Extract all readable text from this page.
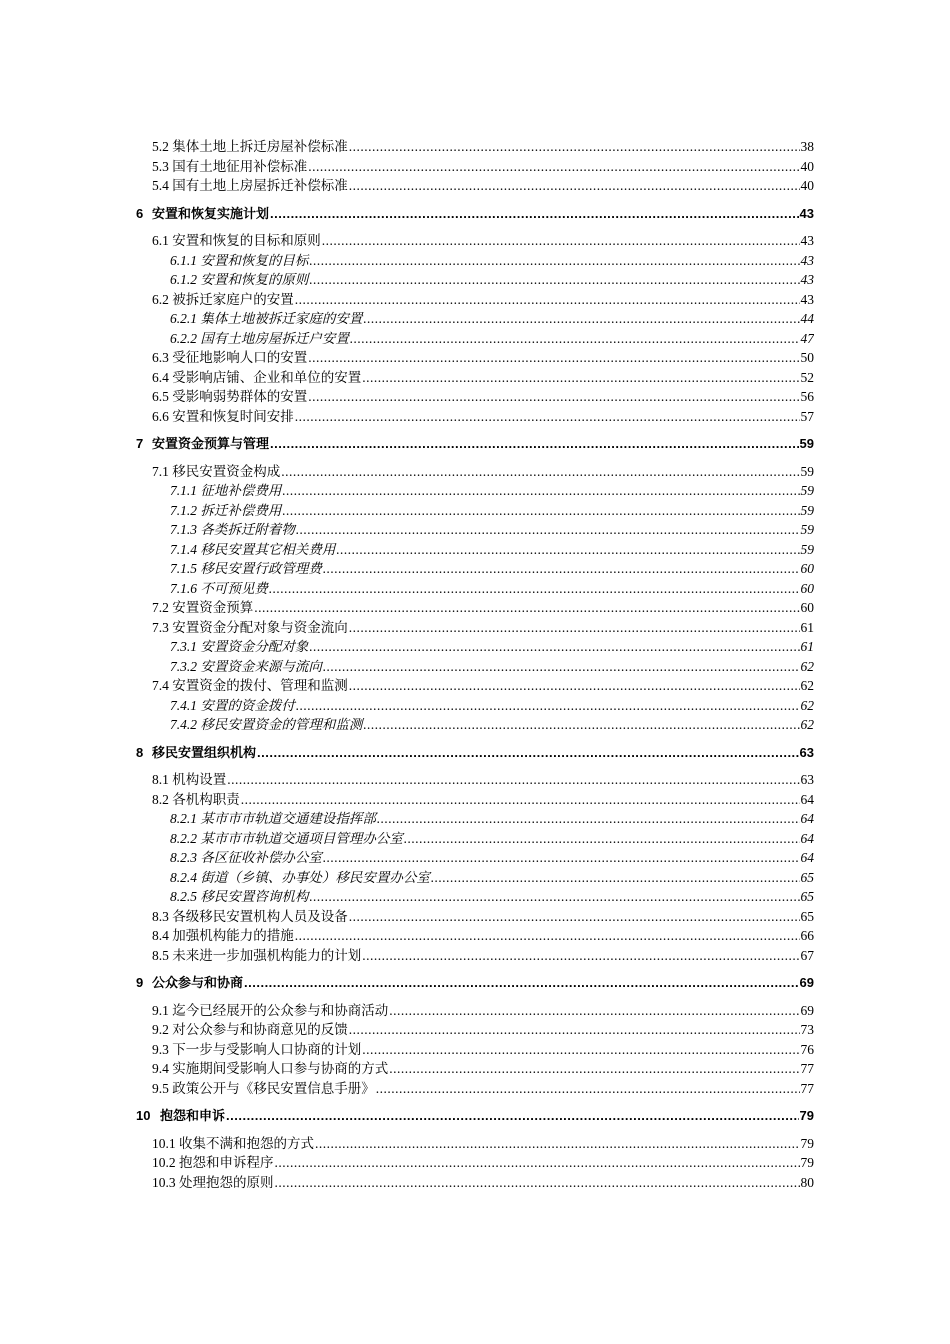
5.2 集体土地上拆迁房屋补偿标准 .....	38
5.3 国有土地征用补偿标准 .....	40
5.4 国有土地上房屋拆迁补偿标准 .....	40
6 安置和恢复实施计划 .....	43
6.1 安置和恢复的目标和原则 .....	43
6.1.1 安置和恢复的目标 .....	43
6.1.2 安置和恢复的原则 .....	43
6.2 被拆迁家庭户的安置 .....	43
6.2.1 集体土地被拆迁家庭的安置 .....	44
6.2.2 国有土地房屋拆迁户安置 .....	47
6.3 受征地影响人口的安置 .....	50
6.4 受影响店铺、企业和单位的安置 .....	52
6.5 受影响弱势群体的安置 .....	56
6.6 安置和恢复时间安排 .....	57
7 安置资金预算与管理 .....	59
7.1 移民安置资金构成 .....	59
7.1.1 征地补偿费用 .....	59
7.1.2 拆迁补偿费用 .....	59
7.1.3 各类拆迁附着物 .....	59
7.1.4 移民安置其它相关费用 .....	59
7.1.5 移民安置行政管理费 .....	60
7.1.6 不可预见费 .....	60
7.2 安置资金预算 .....	60
7.3 安置资金分配对象与资金流向 .....	61
7.3.1 安置资金分配对象 .....	61
7.3.2 安置资金来源与流向 .....	62
7.4 安置资金的拨付、管理和监测 .....	62
7.4.1 安置的资金拨付 .....	62
7.4.2 移民安置资金的管理和监测 .....	62
8 移民安置组织机构 .....	63
8.1 机构设置 .....	63
8.2 各机构职责 .....	64
8.2.1 某市市市轨道交通建设指挥部 .....	64
8.2.2 某市市市轨道交通项目管理办公室 .....	64
8.2.3 各区征收补偿办公室 .....	64
8.2.4 街道（乡镇、办事处）移民安置办公室 .....	65
8.2.5 移民安置咨询机构 .....	65
8.3 各级移民安置机构人员及设备 .....	65
8.4 加强机构能力的措施 .....	66
8.5 未来进一步加强机构能力的计划 .....	67
9 公众参与和协商 .....	69
9.1 迄今已经展开的公众参与和协商活动 .....	69
9.2 对公众参与和协商意见的反馈 .....	73
9.3 下一步与受影响人口协商的计划 .....	76
9.4 实施期间受影响人口参与协商的方式 .....	77
9.5 政策公开与《移民安置信息手册》 .....	77
10 抱怨和申诉 .....	79
10.1 收集不满和抱怨的方式 .....	79
10.2 抱怨和申诉程序 .....	79
10.3 处理抱怨的原则 .....	80
